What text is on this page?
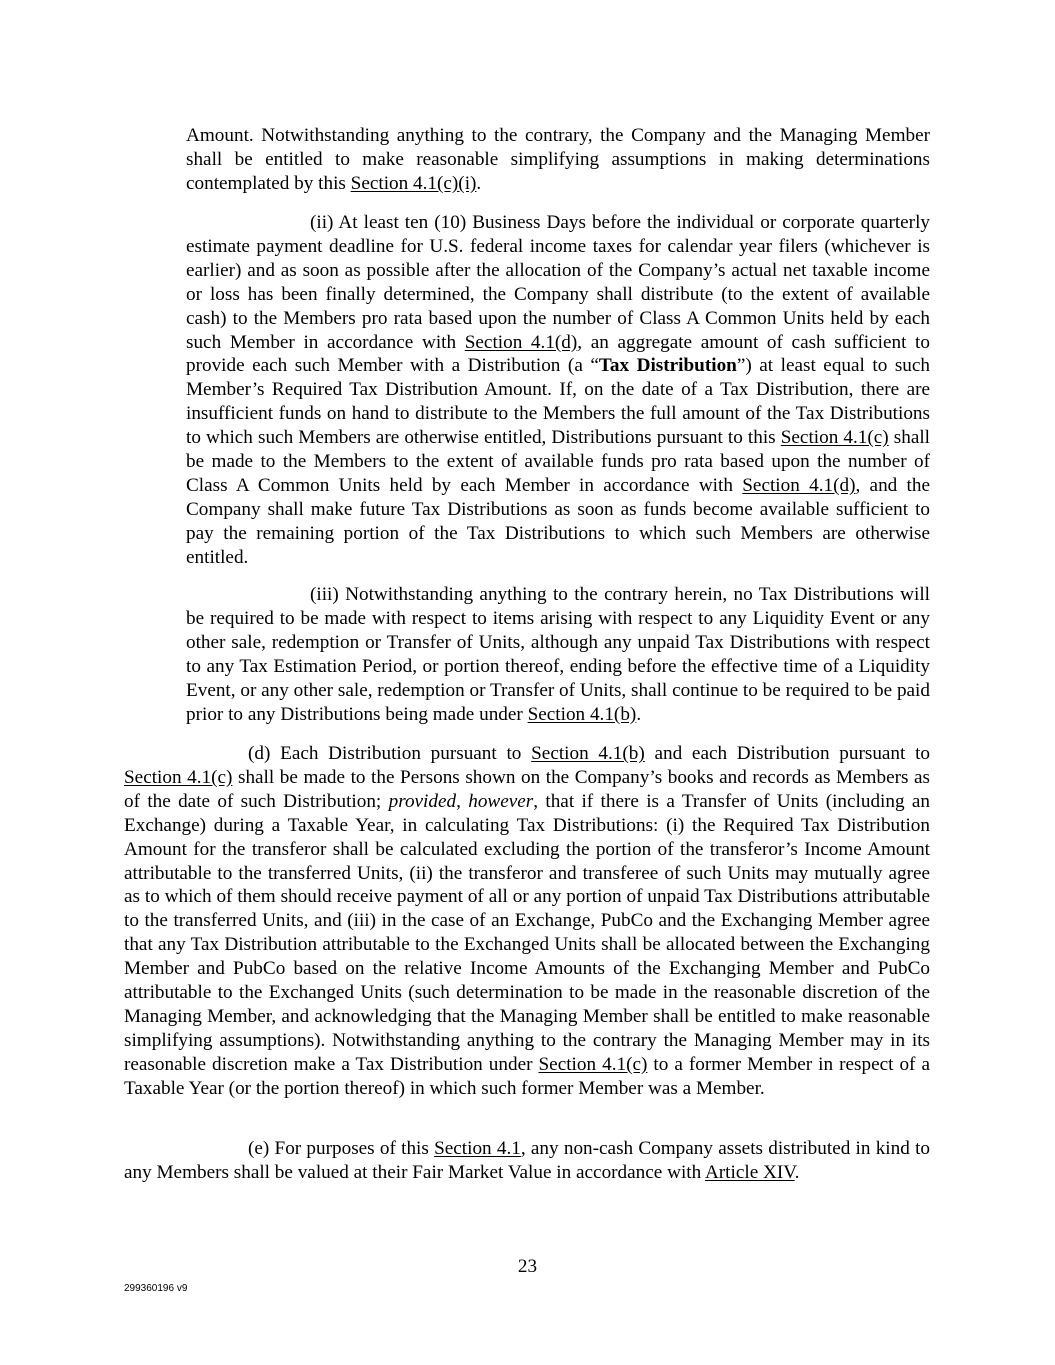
Amount. Notwithstanding anything to the contrary, the Company and the Managing Member shall be entitled to make reasonable simplifying assumptions in making determinations contemplated by this Section 4.1(c)(i).

(ii) At least ten (10) Business Days before the individual or corporate quarterly estimate payment deadline for U.S. federal income taxes for calendar year filers (whichever is earlier) and as soon as possible after the allocation of the Company’s actual net taxable income or loss has been finally determined, the Company shall distribute (to the extent of available cash) to the Members pro rata based upon the number of Class A Common Units held by each such Member in accordance with Section 4.1(d), an aggregate amount of cash sufficient to provide each such Member with a Distribution (a “Tax Distribution”) at least equal to such Member’s Required Tax Distribution Amount. If, on the date of a Tax Distribution, there are insufficient funds on hand to distribute to the Members the full amount of the Tax Distributions to which such Members are otherwise entitled, Distributions pursuant to this Section 4.1(c) shall be made to the Members to the extent of available funds pro rata based upon the number of Class A Common Units held by each Member in accordance with Section 4.1(d), and the Company shall make future Tax Distributions as soon as funds become available sufficient to pay the remaining portion of the Tax Distributions to which such Members are otherwise entitled.

(iii) Notwithstanding anything to the contrary herein, no Tax Distributions will be required to be made with respect to items arising with respect to any Liquidity Event or any other sale, redemption or Transfer of Units, although any unpaid Tax Distributions with respect to any Tax Estimation Period, or portion thereof, ending before the effective time of a Liquidity Event, or any other sale, redemption or Transfer of Units, shall continue to be required to be paid prior to any Distributions being made under Section 4.1(b).

(d) Each Distribution pursuant to Section 4.1(b) and each Distribution pursuant to Section 4.1(c) shall be made to the Persons shown on the Company’s books and records as Members as of the date of such Distribution; provided, however, that if there is a Transfer of Units (including an Exchange) during a Taxable Year, in calculating Tax Distributions: (i) the Required Tax Distribution Amount for the transferor shall be calculated excluding the portion of the transferor’s Income Amount attributable to the transferred Units, (ii) the transferor and transferee of such Units may mutually agree as to which of them should receive payment of all or any portion of unpaid Tax Distributions attributable to the transferred Units, and (iii) in the case of an Exchange, PubCo and the Exchanging Member agree that any Tax Distribution attributable to the Exchanged Units shall be allocated between the Exchanging Member and PubCo based on the relative Income Amounts of the Exchanging Member and PubCo attributable to the Exchanged Units (such determination to be made in the reasonable discretion of the Managing Member, and acknowledging that the Managing Member shall be entitled to make reasonable simplifying assumptions). Notwithstanding anything to the contrary the Managing Member may in its reasonable discretion make a Tax Distribution under Section 4.1(c) to a former Member in respect of a Taxable Year (or the portion thereof) in which such former Member was a Member.

(e) For purposes of this Section 4.1, any non-cash Company assets distributed in kind to any Members shall be valued at their Fair Market Value in accordance with Article XIV.

23
299360196 v9
